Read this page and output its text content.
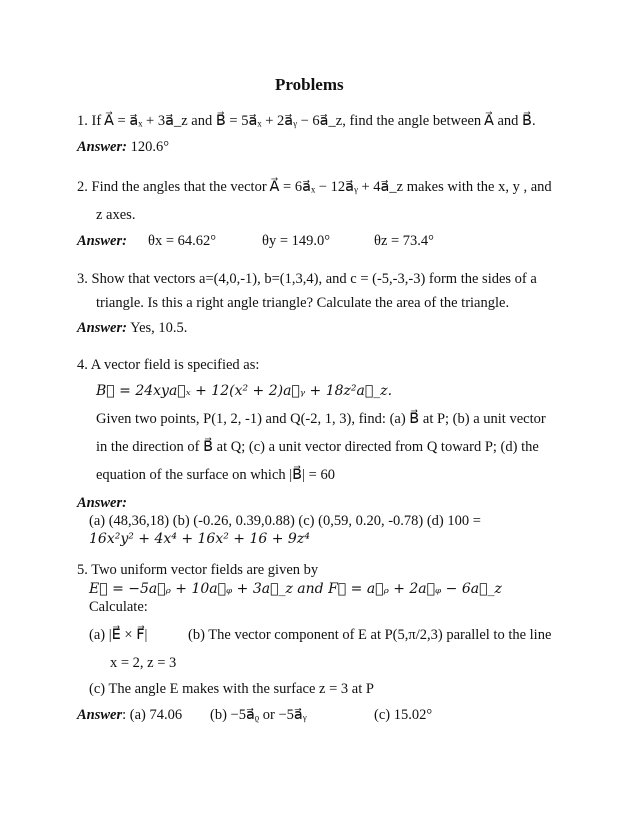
Problems
1. If A⃗ = a⃗ₓ + 3a⃗_z and B⃗ = 5a⃗ₓ + 2a⃗ᵧ − 6a⃗_z, find the angle between A⃗ and B⃗.
Answer: 120.6°
2. Find the angles that the vector A⃗ = 6a⃗ₓ − 12a⃗ᵧ + 4a⃗_z makes with the x, y , and
z axes.
Answer: θx = 64.62°	θy = 149.0°	θz = 73.4°
3. Show that vectors a=(4,0,-1), b=(1,3,4), and c = (-5,-3,-3) form the sides of a
triangle. Is this a right angle triangle? Calculate the area of the triangle.
Answer: Yes, 10.5.
4. A vector field is specified as:
B⃗ = 24xya⃗ₓ + 12(x² + 2)a⃗ᵧ + 18z²a⃗_z.
Given two points, P(1, 2, -1) and Q(-2, 1, 3), find: (a) B⃗ at P; (b) a unit vector
in the direction of B⃗ at Q; (c) a unit vector directed from Q toward P; (d) the
equation of the surface on which |B⃗| = 60
Answer:
(a) (48,36,18) (b) (-0.26, 0.39,0.88) (c) (0,59, 0.20, -0.78) (d) 100 =
16x²y² + 4x⁴ + 16x² + 16 + 9z⁴
5. Two uniform vector fields are given by
E⃗ = −5a⃗ᵨ + 10a⃗ᵩ + 3a⃗_z and F⃗ = a⃗ᵨ + 2a⃗ᵩ − 6a⃗_z
Calculate:
(a) |E⃗ × F⃗|	(b) The vector component of E at P(5,π/2,3) parallel to the line
x = 2, z = 3
(c) The angle E makes with the surface z = 3 at P
Answer: (a) 74.06 (b) −5a⃗ᵨ or −5a⃗ᵧ	(c) 15.02°
